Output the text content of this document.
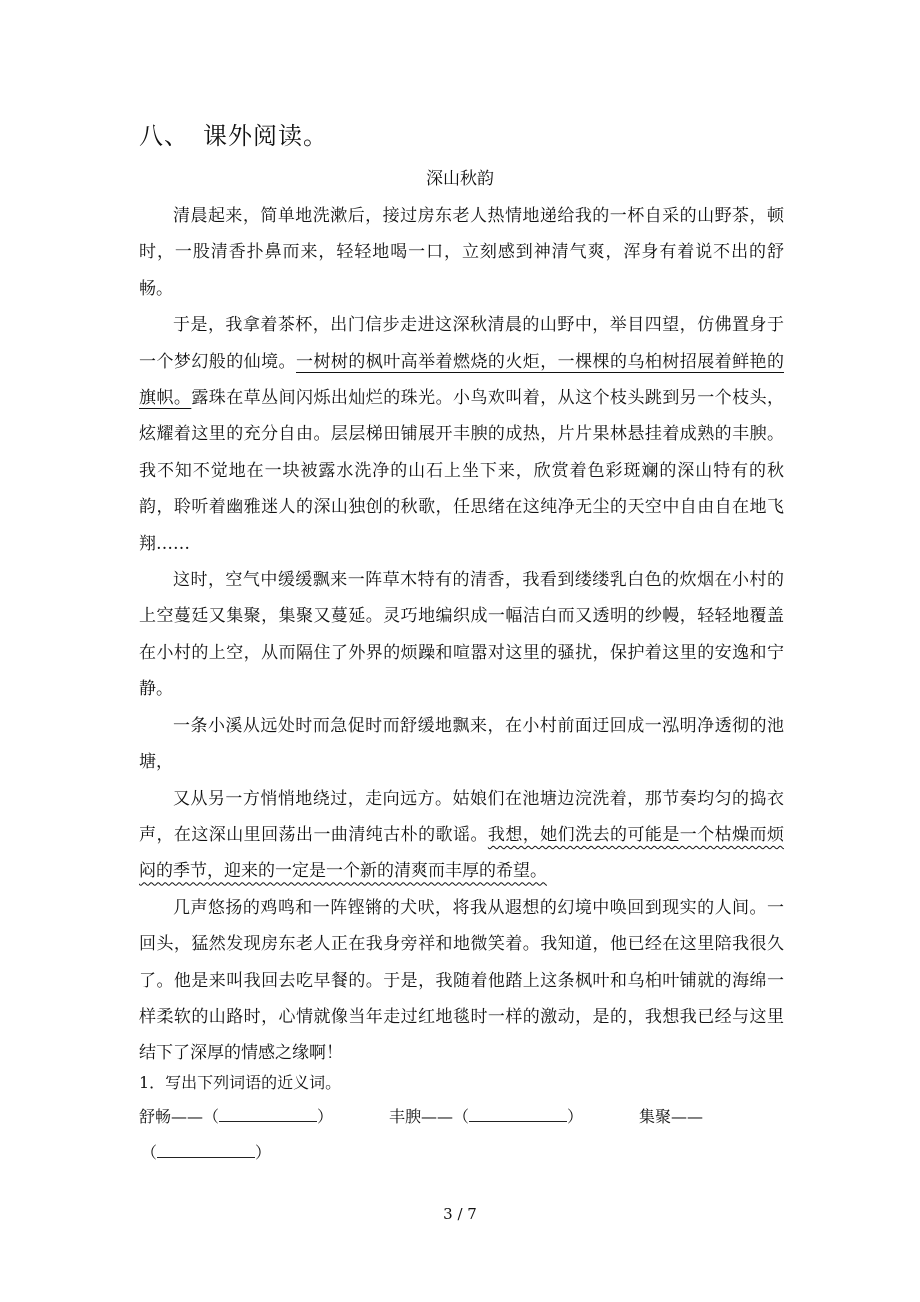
八、 课外阅读。
深山秋韵

清晨起来，简单地洗漱后，接过房东老人热情地递给我的一杯自采的山野茶，顿时，一股清香扑鼻而来，轻轻地喝一口，立刻感到神清气爽，浑身有着说不出的舒畅。

于是，我拿着茶杯，出门信步走进这深秋清晨的山野中，举目四望，仿佛置身于一个梦幻般的仙境。一树树的枫叶高举着燃烧的火炬，一棵棵的乌桕树招展着鲜艳的旗帜。露珠在草丛间闪烁出灿烂的珠光。小鸟欢叫着，从这个枝头跳到另一个枝头，炫耀着这里的充分自由。层层梯田铺展开丰腴的成热，片片果林悬挂着成熟的丰腴。我不知不觉地在一块被露水洗净的山石上坐下来，欣赏着色彩斑斓的深山特有的秋韵，聆听着幽雅迷人的深山独创的秋歌，任思绪在这纯净无尘的天空中自由自在地飞翔……

这时，空气中缓缓飘来一阵草木特有的清香，我看到缕缕乳白色的炊烟在小村的上空蔓廷又集聚，集聚又蔓延。灵巧地编织成一幅洁白而又透明的纱幔，轻轻地覆盖在小村的上空，从而隔住了外界的烦躁和喧嚣对这里的骚扰，保护着这里的安逸和宁静。

一条小溪从远处时而急促时而舒缓地飘来，在小村前面迂回成一泓明净透彻的池塘，

又从另一方悄悄地绕过，走向远方。姑娘们在池塘边浣洗着，那节奏均匀的捣衣声，在这深山里回荡出一曲清纯古朴的歌谣。我想，她们洗去的可能是一个枯燥而烦闷的季节，迎来的一定是一个新的清爽而丰厚的希望。

几声悠扬的鸡鸣和一阵铿锵的犬吠，将我从遐想的幻境中唤回到现实的人间。一回头，猛然发现房东老人正在我身旁祥和地微笑着。我知道，他已经在这里陪我很久了。他是来叫我回去吃早餐的。于是，我随着他踏上这条枫叶和乌桕叶铺就的海绵一样柔软的山路时，心情就像当年走过红地毯时一样的激动，是的，我想我已经与这里结下了深厚的情感之缘啊！

1．写出下列词语的近义词。
舒畅——（	）	丰腴——（	）	集聚——
（	）
3 / 7
